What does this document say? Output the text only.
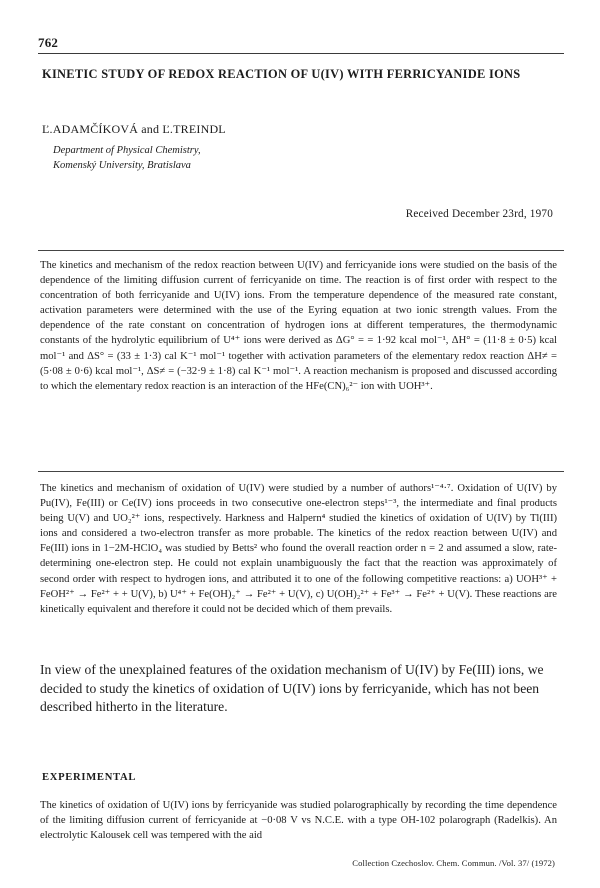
762
KINETIC STUDY OF REDOX REACTION OF U(IV) WITH FERRICYANIDE IONS
Ľ.ADAMČÍKOVÁ and Ľ.TREINDL
Department of Physical Chemistry,
Komenský University, Bratislava
Received December 23rd, 1970

The kinetics and mechanism of the redox reaction between U(IV) and ferricyanide ions were studied on the basis of the dependence of the limiting diffusion current of ferricyanide on time. The reaction is of first order with respect to the concentration of both ferricyanide and U(IV) ions. From the temperature dependence of the measured rate constant, activation parameters were determined with the use of the Eyring equation at two ionic strength values. From the dependence of the rate constant on concentration of hydrogen ions at different temperatures, the thermodynamic constants of the hydrolytic equilibrium of U⁴⁺ ions were derived as ΔG° = = 1·92 kcal mol⁻¹, ΔH° = (11·8 ± 0·5) kcal mol⁻¹ and ΔS° = (33 ± 1·3) cal K⁻¹ mol⁻¹ together with activation parameters of the elementary redox reaction ΔH≠ = (5·08 ± 0·6) kcal mol⁻¹, ΔS≠ = (−32·9 ± 1·8) cal K⁻¹ mol⁻¹. A reaction mechanism is proposed and discussed according to which the elementary redox reaction is an interaction of the HFe(CN)₆²⁻ ion with UOH³⁺.

The kinetics and mechanism of oxidation of U(IV) were studied by a number of authors¹⁻⁴·⁷. Oxidation of U(IV) by Pu(IV), Fe(III) or Ce(IV) ions proceeds in two consecutive one-electron steps¹⁻³, the intermediate and final products being U(V) and UO₂²⁺ ions, respectively. Harkness and Halpern⁴ studied the kinetics of oxidation of U(IV) by Tl(III) ions and considered a two-electron transfer as more probable. The kinetics of the redox reaction between U(IV) and Fe(III) ions in 1−2M-HClO₄ was studied by Betts² who found the overall reaction order n = 2 and assumed a slow, rate-determining one-electron step. He could not explain unambiguously the fact that the reaction was approximately of second order with respect to hydrogen ions, and attributed it to one of the following competitive reactions: a) UOH³⁺ + FeOH²⁺ → Fe²⁺ + + U(V), b) U⁴⁺ + Fe(OH)₂⁺ → Fe²⁺ + U(V), c) U(OH)₂²⁺ + Fe³⁺ → Fe²⁺ + U(V). These reactions are kinetically equivalent and therefore it could not be decided which of them prevails.

In view of the unexplained features of the oxidation mechanism of U(IV) by Fe(III) ions, we decided to study the kinetics of oxidation of U(IV) ions by ferricyanide, which has not been described hitherto in the literature.

EXPERIMENTAL

The kinetics of oxidation of U(IV) ions by ferricyanide was studied polarographically by recording the time dependence of the limiting diffusion current of ferricyanide at −0·08 V vs N.C.E. with a type OH-102 polarograph (Radelkis). An electrolytic Kalousek cell was tempered with the aid

Collection Czechoslov. Chem. Commun. /Vol. 37/ (1972)
